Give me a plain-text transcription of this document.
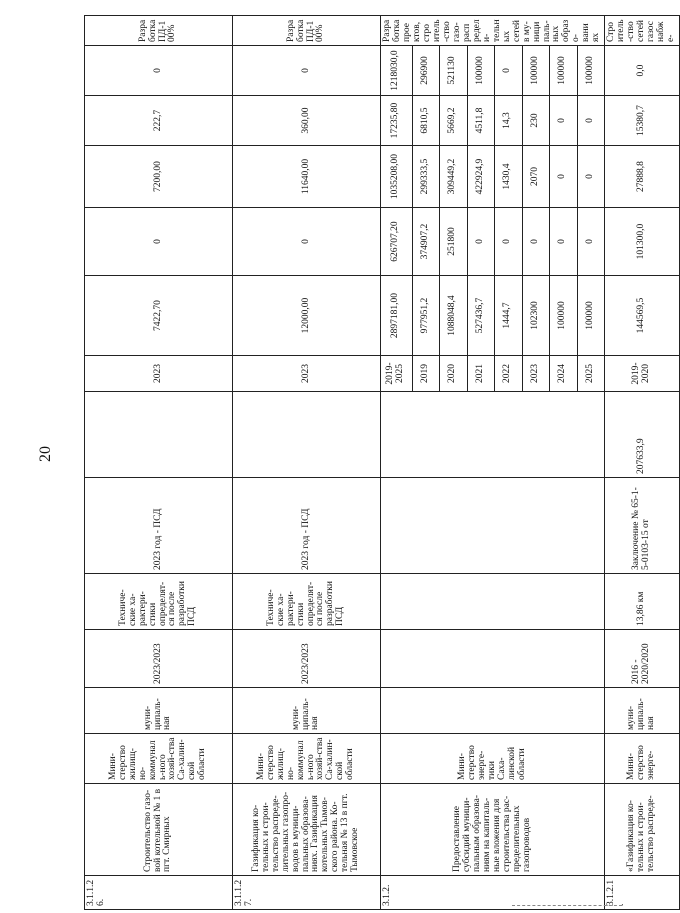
20
3.1.1.26.	Строительство газо-вой котельной № 1 в пгт. Смирных	Мини-стерство жилищ-но-коммуналь-ного хозяй-ства Са-халин-ской области	муни-ципаль-ная	2023/2023	Техниче-ские ха-рактери-стики определят-ся после разработки ПСД	2023 год - ПСД		2023	7422,70	0	7200,00	222,7	0	Разработка ПД-100%
3.1.1.27.	Газификация ко-тельных и строи-тельство распреде-лительных газопро-водов в муници-пальных образова-ниях. Газификация котельных Тымов-ского района. Ко-тельная № 13 в пгт. Тымовское	Мини-стерство жилищ-но-коммуналь-ного хозяй-ства Са-халин-ской области	муни-ципаль-ная	2023/2023	Техниче-ские ха-рактери-стики определят-ся после разработки ПСД	2023 год - ПСД		2023	12000,00	0	11640,00	360,00	0	Разработка ПД-100%
3.1.2.	Предоставление субсидий муници-пальным образова-ниям на капиталь-ные вложения для строительства рас-пределительных газопроводов	Мини-стерство энерге-тики Саха-линской области						2019-2025	2897181,00	626707,20	1035208,00	17235,80	1218030,0	Разработка проектов, строитель-ство газо-распредели-тельных сетей в му-ниципаль-ных образо-ваниях
								2019	977951,2	374907,2	299333,5	6810,5	296900	
								2020	1088048,4	251800	309449,2	5669,2	521130	
								2021	527436,7	0	422924,9	4511,8	100000	
								2022	1444,7	0	1430,4	14,3	0	
								2023	102300	0	2070	230	100000	
								2024	100000	0	0	0	100000	
								2025	100000	0	0	0	100000	
3.1.2.1.	«Газификация ко-тельных и строи-тельство распреде-	Мини-стерство энерге-	муни-ципаль-ная	2016 - 2020/2020	13,86 км	Заключение № 65-1-5-0103-15 от	207633,9	2019-2020	144569,5	101300,0	27888,8	15380,7	0,0	Строитель-ство сетей газоснабже-
